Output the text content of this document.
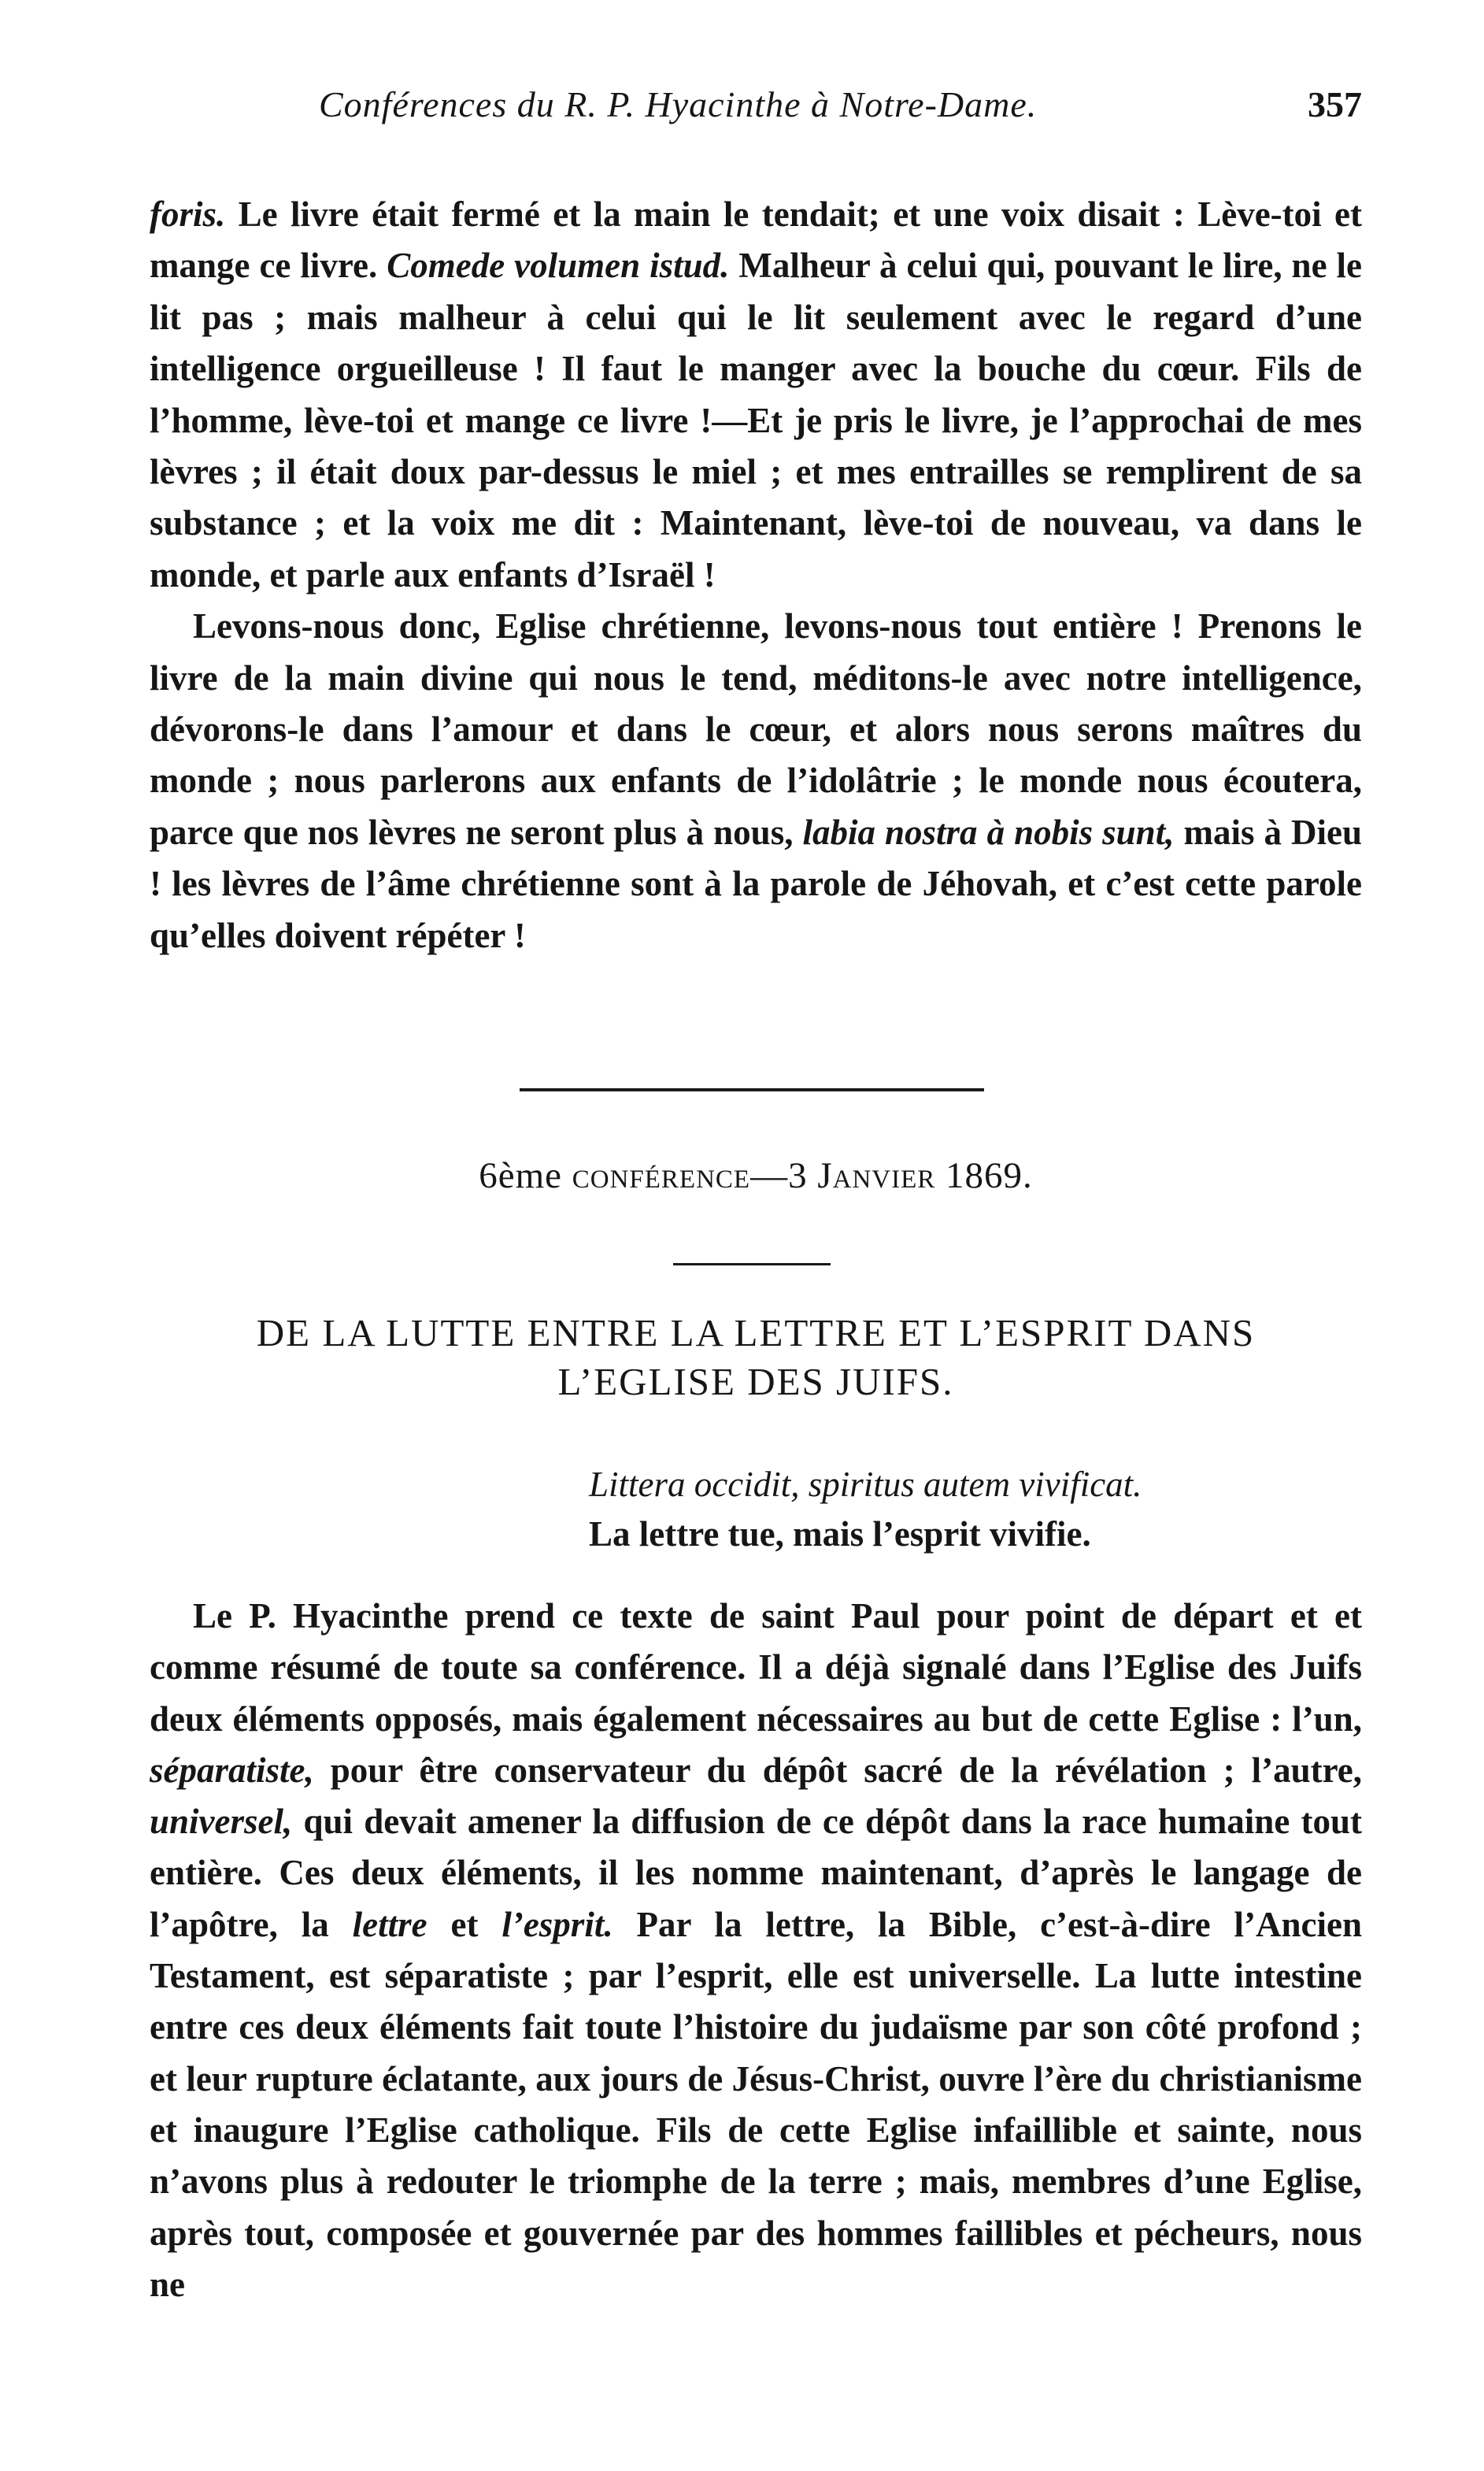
Conférences du R. P. Hyacinthe à Notre-Dame.	357

foris. Le livre était fermé et la main le tendait; et une voix disait : Lève-toi et mange ce livre. Comede volumen istud. Malheur à celui qui, pouvant le lire, ne le lit pas ; mais malheur à celui qui le lit seulement avec le regard d’une intelligence orgueilleuse ! Il faut le manger avec la bouche du cœur. Fils de l’homme, lève-toi et mange ce livre !—Et je pris le livre, je l’approchai de mes lèvres ; il était doux par-dessus le miel ; et mes entrailles se remplirent de sa substance ; et la voix me dit : Maintenant, lève-toi de nouveau, va dans le monde, et parle aux enfants d’Israël !

Levons-nous donc, Eglise chrétienne, levons-nous tout entière ! Prenons le livre de la main divine qui nous le tend, méditons-le avec notre intelligence, dévorons-le dans l’amour et dans le cœur, et alors nous serons maîtres du monde ; nous parlerons aux enfants de l’idolâtrie ; le monde nous écoutera, parce que nos lèvres ne seront plus à nous, labia nostra à nobis sunt, mais à Dieu ! les lèvres de l’âme chrétienne sont à la parole de Jéhovah, et c’est cette parole qu’elles doivent répéter !

6ème conférence—3 Janvier 1869.
DE LA LUTTE ENTRE LA LETTRE ET L’ESPRIT DANS
L’EGLISE DES JUIFS.
Littera occidit, spiritus autem vivificat.
La lettre tue, mais l’esprit vivifie.

Le P. Hyacinthe prend ce texte de saint Paul pour point de départ et et comme résumé de toute sa conférence. Il a déjà signalé dans l’Eglise des Juifs deux éléments opposés, mais également nécessaires au but de cette Eglise : l’un, séparatiste, pour être conservateur du dépôt sacré de la révélation ; l’autre, universel, qui devait amener la diffusion de ce dépôt dans la race humaine tout entière. Ces deux éléments, il les nomme maintenant, d’après le langage de l’apôtre, la lettre et l’esprit. Par la lettre, la Bible, c’est-à-dire l’Ancien Testament, est séparatiste ; par l’esprit, elle est universelle. La lutte intestine entre ces deux éléments fait toute l’histoire du judaïsme par son côté profond ; et leur rupture éclatante, aux jours de Jésus-Christ, ouvre l’ère du christianisme et inaugure l’Eglise catholique. Fils de cette Eglise infaillible et sainte, nous n’avons plus à redouter le triomphe de la terre ; mais, membres d’une Eglise, après tout, composée et gouvernée par des hommes faillibles et pécheurs, nous ne
